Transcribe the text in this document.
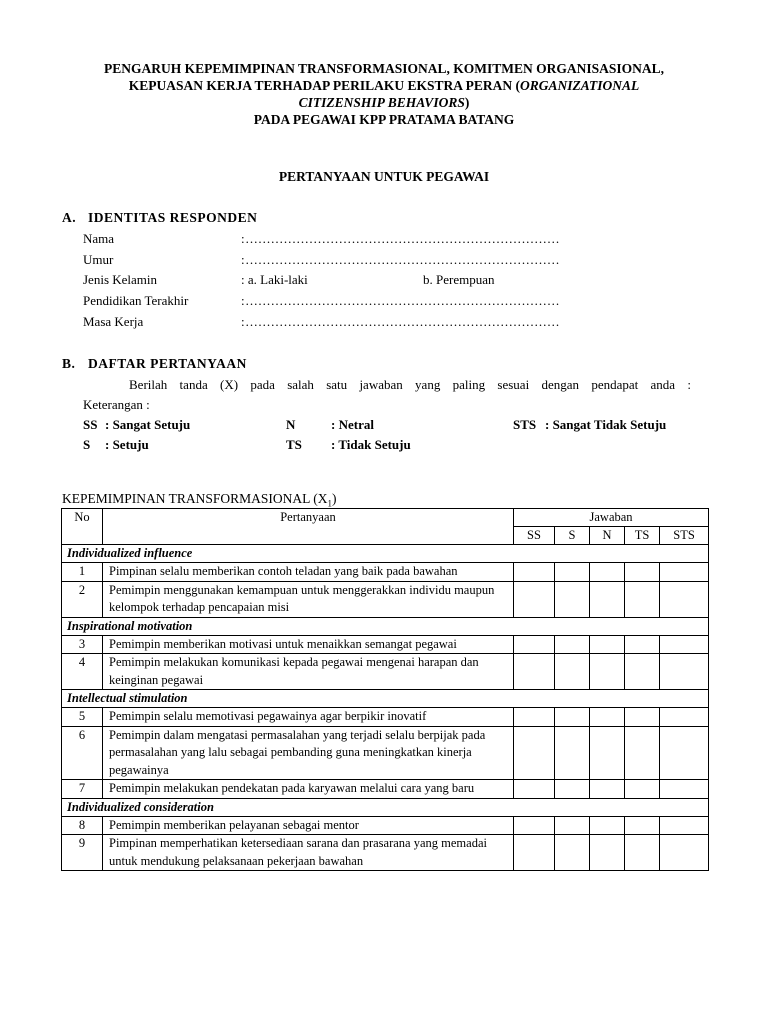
PENGARUH KEPEMIMPINAN TRANSFORMASIONAL, KOMITMEN ORGANISASIONAL,
KEPUASAN KERJA TERHADAP PERILAKU EKSTRA PERAN (ORGANIZATIONAL
CITIZENSHIP BEHAVIORS)
PADA PEGAWAI KPP PRATAMA BATANG
PERTANYAAN UNTUK PEGAWAI
A. IDENTITAS RESPONDEN
Nama	:..........................................................................
Umur	:..........................................................................
Jenis Kelamin	: a. Laki-laki	b. Perempuan
Pendidikan Terakhir	:..........................................................................
Masa Kerja	:..........................................................................
B. DAFTAR PERTANYAAN
Berilah tanda (X) pada salah satu jawaban yang paling sesuai dengan pendapat anda :
Keterangan :
SS : Sangat Setuju	N	: Netral	STS : Sangat Tidak Setuju
S : Setuju	TS : Tidak Setuju
KEPEMIMPINAN TRANSFORMASIONAL $(X_1)$
No	Pertanyaan	Jawaban				
		SS	S	N	TS	STS
Individualized influence						
1	Pimpinan selalu memberikan contoh teladan yang baik pada bawahan					
2	Pemimpin menggunakan kemampuan untuk menggerakkan individu maupun kelompok terhadap pencapaian misi					
Inspirational motivation						
3	Pemimpin memberikan motivasi untuk menaikkan semangat pegawai					
4	Pemimpin melakukan komunikasi kepada pegawai mengenai harapan dan keinginan pegawai					
Intellectual stimulation						
5	Pemimpin selalu memotivasi pegawainya agar berpikir inovatif					
6	Pemimpin dalam mengatasi permasalahan yang terjadi selalu berpijak pada permasalahan yang lalu sebagai pembanding guna meningkatkan kinerja pegawainya					
7	Pemimpin melakukan pendekatan pada karyawan melalui cara yang baru					
Individualized consideration						
8	Pemimpin memberikan pelayanan sebagai mentor					
9	Pimpinan memperhatikan ketersediaan sarana dan prasarana yang memadai untuk mendukung pelaksanaan pekerjaan bawahan					
